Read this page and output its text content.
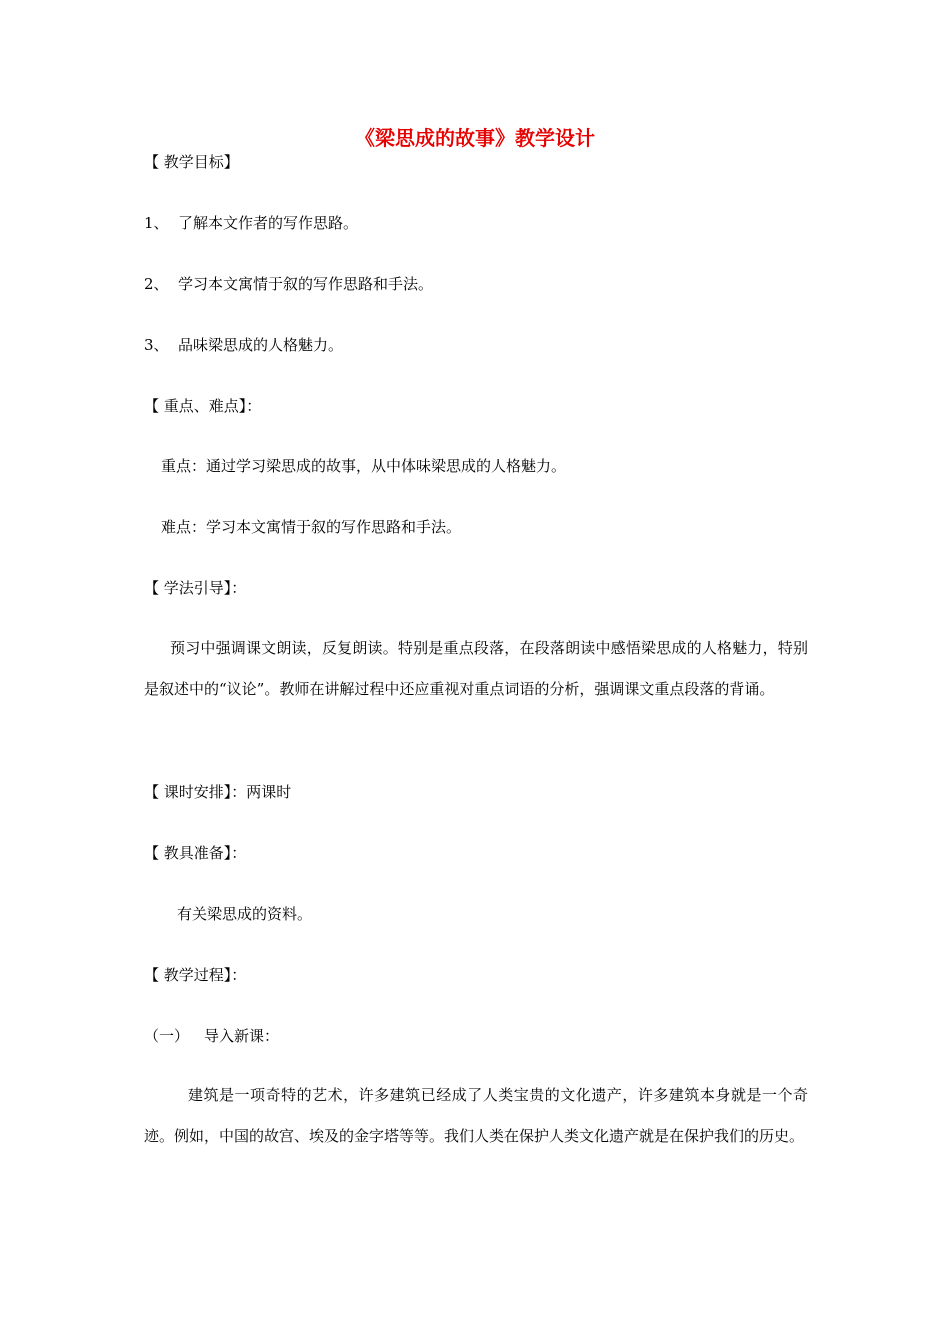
《梁思成的故事》教学设计
【 教学目标】
1、 了解本文作者的写作思路。
2、 学习本文寓情于叙的写作思路和手法。
3、 品味梁思成的人格魅力。
【 重点、难点】：
重点：通过学习梁思成的故事，从中体味梁思成的人格魅力。
难点：学习本文寓情于叙的写作思路和手法。
【 学法引导】：
预习中强调课文朗读，反复朗读。特别是重点段落，在段落朗读中感悟梁思成的人格魅力，特别是叙述中的“议论”。教师在讲解过程中还应重视对重点词语的分析，强调课文重点段落的背诵。
【 课时安排】：两课时
【 教具准备】：
有关梁思成的资料。
【 教学过程】：
（一） 导入新课：
建筑是一项奇特的艺术，许多建筑已经成了人类宝贵的文化遗产，许多建筑本身就是一个奇迹。例如，中国的故宫、埃及的金字塔等等。我们人类在保护人类文化遗产就是在保护我们的历史。
